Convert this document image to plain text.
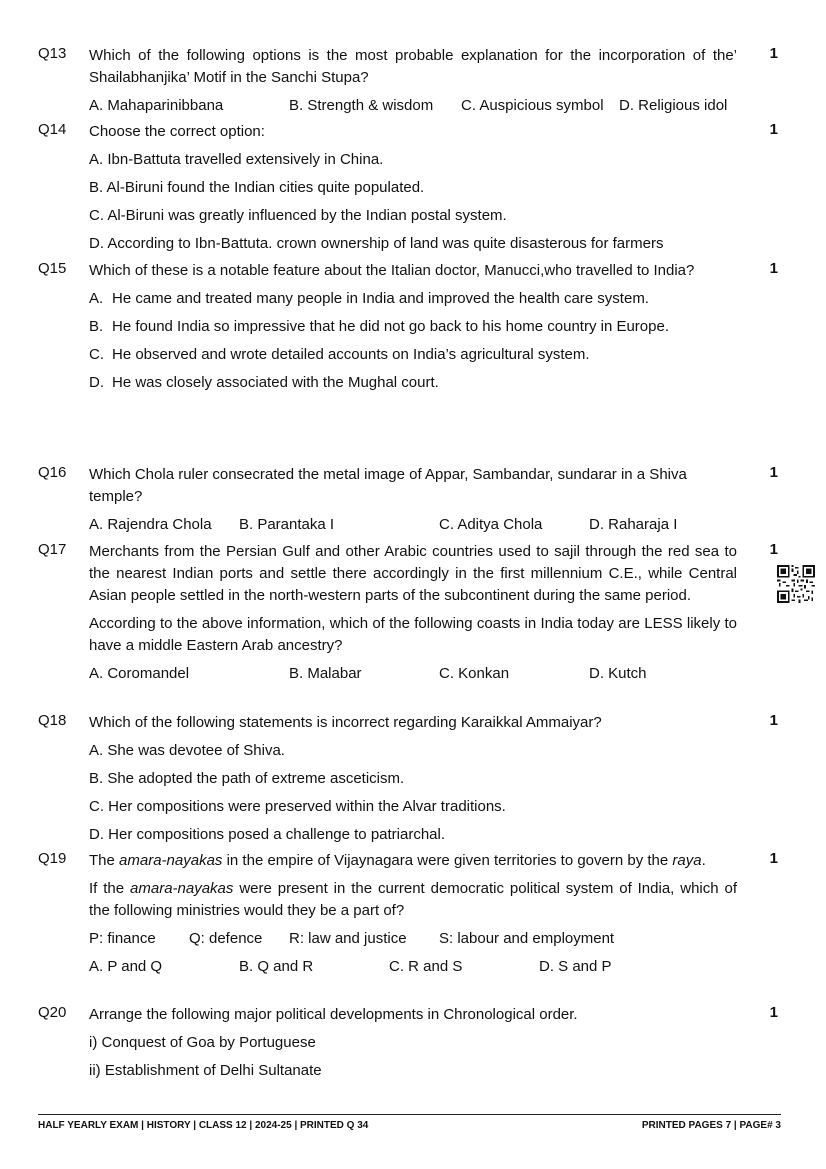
Q13	1

Which of the following options is the most probable explanation for the incorporation of the’ Shailabhanjika’ Motif in the Sanchi Stupa?

A. Mahaparinibbana	B. Strength & wisdom	C. Auspicious symbol	D. Religious idol
Q14	1

Choose the correct option:

A. Ibn-Battuta travelled extensively in China.
B. Al-Biruni found the Indian cities quite populated.
C. Al-Biruni was greatly influenced by the Indian postal system.
D. According to Ibn-Battuta. crown ownership of land was quite disasterous for farmers
Q15	1

Which of these is a notable feature about the Italian doctor, Manucci,who travelled to India?

A. He came and treated many people in India and improved the health care system.
B. He found India so impressive that he did not go back to his home country in Europe.
C. He observed and wrote detailed accounts on India’s agricultural system.
D. He was closely associated with the Mughal court.
Q16	1

Which Chola ruler consecrated the metal image of Appar, Sambandar, sundarar in a Shiva temple?

A. Rajendra Chola	B. Parantaka I	C. Aditya Chola	D. Raharaja I
Q17	1

Merchants from the Persian Gulf and other Arabic countries used to sajil through the red sea to the nearest Indian ports and settle there accordingly in the first millennium C.E., while Central Asian people settled in the north-western parts of the subcontinent during the same period.

According to the above information, which of the following coasts in India today are LESS likely to have a middle Eastern Arab ancestry?

A. Coromandel	B. Malabar	C. Konkan	D. Kutch
Q18	1

Which of the following statements is incorrect regarding Karaikkal Ammaiyar?

A. She was devotee of Shiva.
B. She adopted the path of extreme asceticism.
C. Her compositions were preserved within the Alvar traditions.
D. Her compositions posed a challenge to patriarchal.
Q19	1

The amara-nayakas in the empire of Vijaynagara were given territories to govern by the raya.

If the amara-nayakas were present in the current democratic political system of India, which of the following ministries would they be a part of?

P: finance	Q: defence	R: law and justice	S: labour and employment
A. P and Q	B. Q and R	C. R and S	D. S and P
Q20	1

Arrange the following major political developments in Chronological order.

i) Conquest of Goa by Portuguese
ii) Establishment of Delhi Sultanate
HALF YEARLY EXAM | HISTORY | CLASS 12 | 2024-25 | PRINTED Q 34	PRINTED PAGES 7 | PAGE# 3
